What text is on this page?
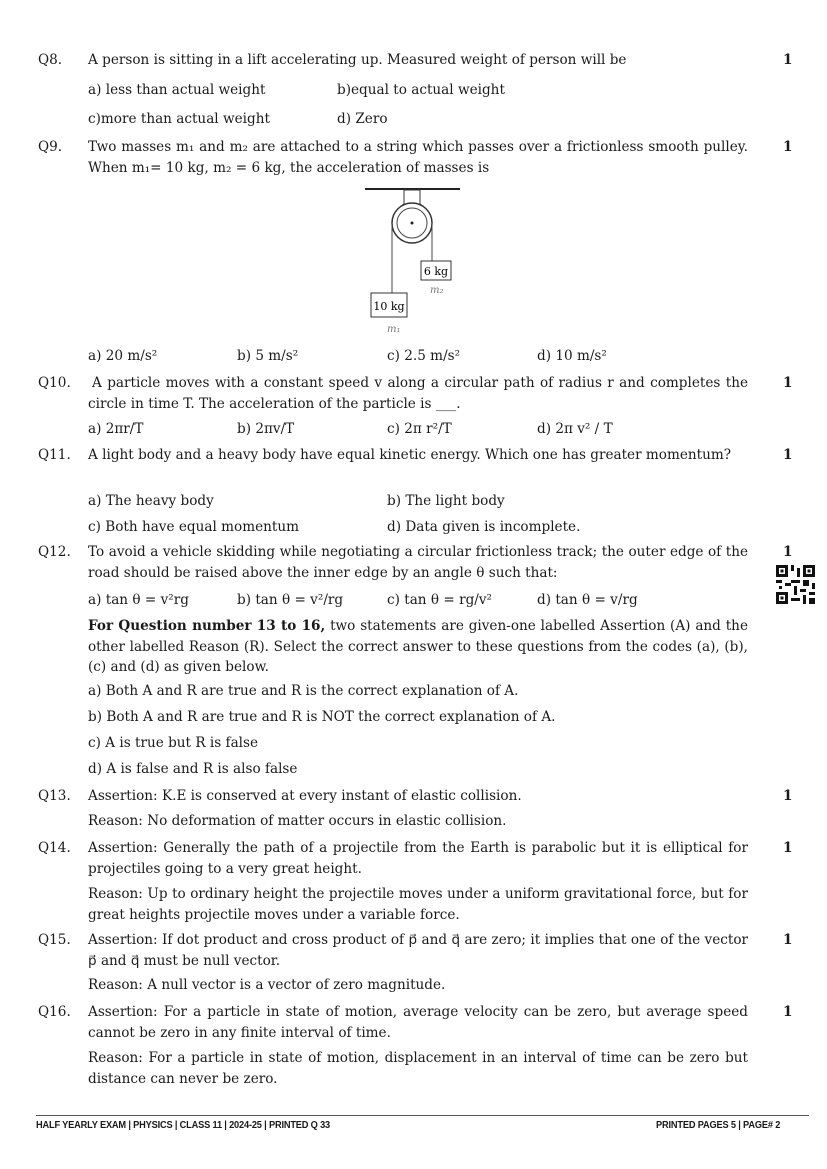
Q8. A person is sitting in a lift accelerating up. Measured weight of person will be	1
a) less than actual weight	b)equal to actual weight
c)more than actual weight	d) Zero
Q9. Two masses m₁ and m₂ are attached to a string which passes over a frictionless smooth pulley. When m₁= 10 kg, m₂ = 6 kg, the acceleration of masses is
1
10 kg
6 kg
m₁
m₂
a) 20 m/s²	b) 5 m/s²	c) 2.5 m/s²	d) 10 m/s²
Q10. A particle moves with a constant speed v along a circular path of radius r and completes the circle in time T. The acceleration of the particle is ___.
1
a) 2πr/T	b) 2πv/T	c) 2π r²/T	d) 2π v² / T
Q11. A light body and a heavy body have equal kinetic energy. Which one has greater momentum?	1
a) The heavy body	b) The light body
c) Both have equal momentum	d) Data given is incomplete.
Q12. To avoid a vehicle skidding while negotiating a circular frictionless track; the outer edge of the road should be raised above the inner edge by an angle θ such that:
1
a) tan θ = v²rg	b) tan θ = v²/rg	c) tan θ = rg/v²	d) tan θ = v/rg
For Question number 13 to 16, two statements are given-one labelled Assertion (A) and the other labelled Reason (R). Select the correct answer to these questions from the codes (a), (b), (c) and (d) as given below.
a) Both A and R are true and R is the correct explanation of A.
b) Both A and R are true and R is NOT the correct explanation of A.
c) A is true but R is false
d) A is false and R is also false
Q13. Assertion: K.E is conserved at every instant of elastic collision.	1
Reason: No deformation of matter occurs in elastic collision.
Q14. Assertion: Generally the path of a projectile from the Earth is parabolic but it is elliptical for projectiles going to a very great height.
1
Reason: Up to ordinary height the projectile moves under a uniform gravitational force, but for great heights projectile moves under a variable force.
Q15. Assertion: If dot product and cross product of p⃗ and q⃗ are zero; it implies that one of the vector p⃗ and q⃗ must be null vector.
1
Reason: A null vector is a vector of zero magnitude.
Q16. Assertion: For a particle in state of motion, average velocity can be zero, but average speed cannot be zero in any finite interval of time.
1
Reason: For a particle in state of motion, displacement in an interval of time can be zero but distance can never be zero.
HALF YEARLY EXAM | PHYSICS | CLASS 11 | 2024-25 | PRINTED Q 33	PRINTED PAGES 5 | PAGE# 2
